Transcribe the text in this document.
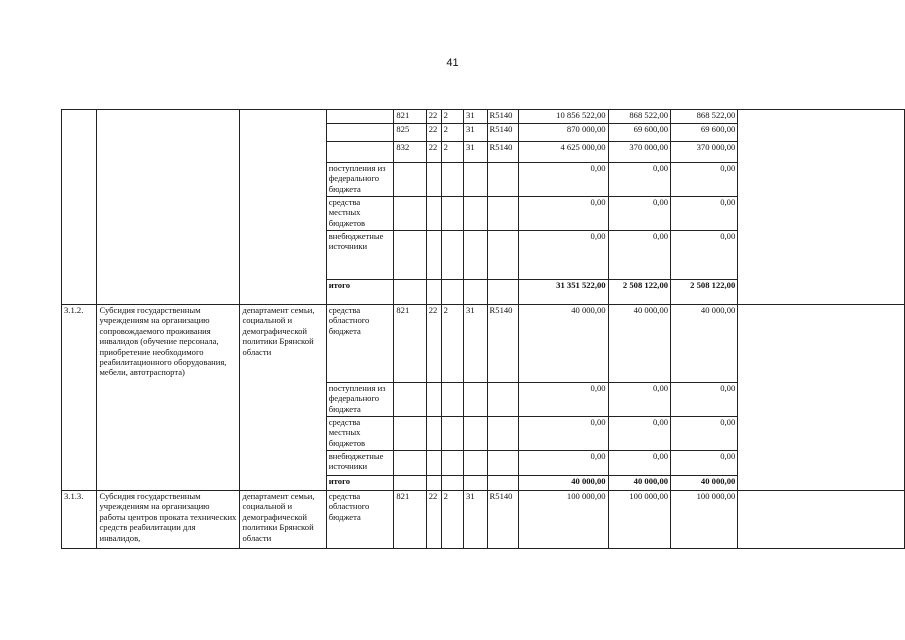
41
				821	22	2	31	R5140	10 856 522,00	868 522,00	868 522,00	
				825	22	2	31	R5140	870 000,00	69 600,00	69 600,00	
				832	22	2	31	R5140	4 625 000,00	370 000,00	370 000,00	
			поступления из федерального бюджета						0,00	0,00	0,00	
			средства местных бюджетов						0,00	0,00	0,00	
			внебюджетные источники						0,00	0,00	0,00	
			итого						31 351 522,00	2 508 122,00	2 508 122,00	
3.1.2.	Субсидия государственным учреждениям на организацию сопровождаемого проживания инвалидов (обучение персонала, приобретение необходимого реабилитационного оборудования, мебели, автотраспорта)	департамент семьи, социальной и демографической политики Брянской области	средства областного бюджета	821	22	2	31	R5140	40 000,00	40 000,00	40 000,00	
			поступления из федерального бюджета						0,00	0,00	0,00	
			средства местных бюджетов						0,00	0,00	0,00	
			внебюджетные источники						0,00	0,00	0,00	
			итого						40 000,00	40 000,00	40 000,00	
3.1.3.	Субсидия государственным учреждениям на организацию работы центров проката технических средств реабилитации для инвалидов,	департамент семьи, социальной и демографической политики Брянской области	средства областного бюджета	821	22	2	31	R5140	100 000,00	100 000,00	100 000,00	
